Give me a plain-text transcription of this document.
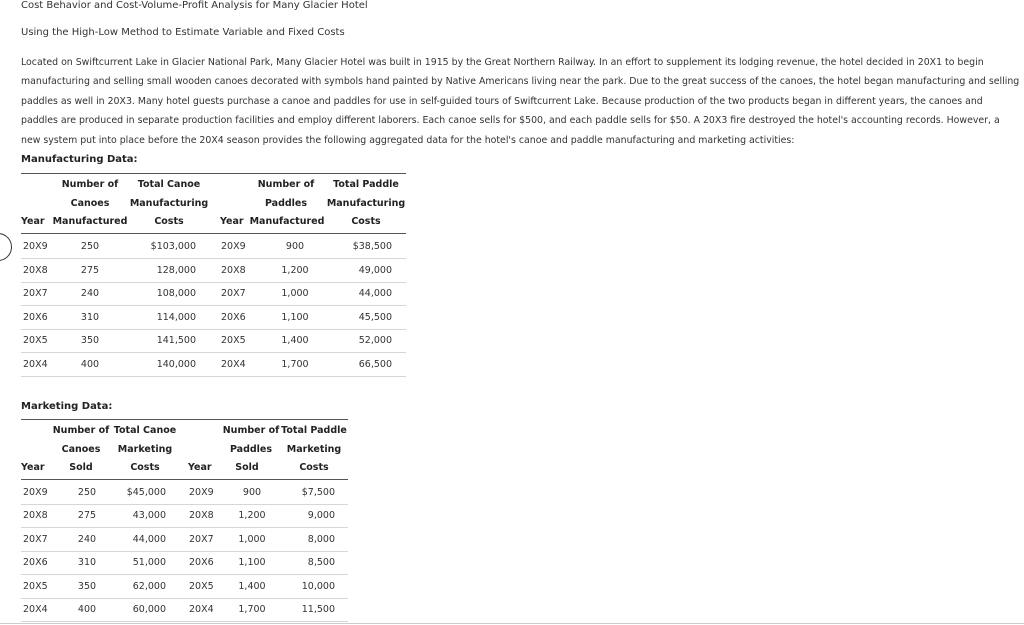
Cost Behavior and Cost-Volume-Profit Analysis for Many Glacier Hotel
Using the High-Low Method to Estimate Variable and Fixed Costs
Located on Swiftcurrent Lake in Glacier National Park, Many Glacier Hotel was built in 1915 by the Great Northern Railway. In an effort to supplement its lodging revenue, the hotel decided in 20X1 to begin manufacturing and selling small wooden canoes decorated with symbols hand painted by Native Americans living near the park. Due to the great success of the canoes, the hotel began manufacturing and selling paddles as well in 20X3. Many hotel guests purchase a canoe and paddles for use in self-guided tours of Swiftcurrent Lake. Because production of the two products began in different years, the canoes and paddles are produced in separate production facilities and employ different laborers. Each canoe sells for $500, and each paddle sells for $50. A 20X3 fire destroyed the hotel's accounting records. However, a new system put into place before the 20X4 season provides the following aggregated data for the hotel's canoe and paddle manufacturing and marketing activities:
Manufacturing Data:
Number of
Canoes
Year Manufactured
Total Canoe
Manufacturing
Costs
Number of
Paddles
Year Manufactured
Total Paddle
Manufacturing
Costs
20X9	250	$103,000	20X9	900	$38,500
20X8	275	128,000	20X8	1,200	49,000
20X7	240	108,000	20X7	1,000	44,000
20X6	310	114,000	20X6	1,100	45,500
20X5	350	141,500	20X5	1,400	52,000
20X4	400	140,000	20X4	1,700	66,500
Marketing Data:
Number of
Canoes
Year	Sold
Total Canoe
Marketing
Costs
Number of
Paddles
Year	Sold
Total Paddle
Marketing
Costs
20X9	250	$45,000 20X9	900	$7,500
20X8	275	43,000 20X8	1,200	9,000
20X7	240	44,000 20X7	1,000	8,000
20X6	310	51,000 20X6	1,100	8,500
20X5	350	62,000 20X5	1,400	10,000
20X4	400	60,000 20X4	1,700	11,500
